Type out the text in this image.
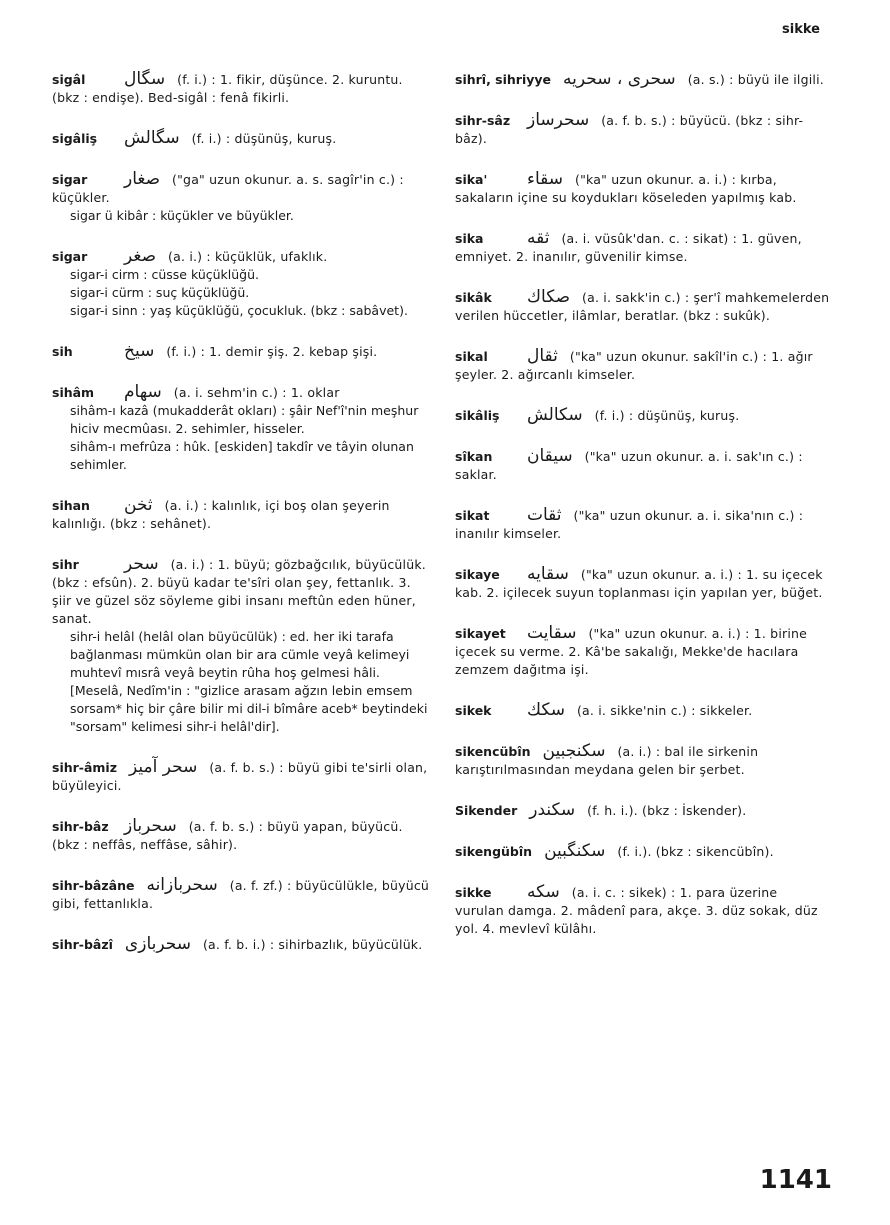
sikke

sigâl سگال (f. i.) : 1. fikir, düşünce. 2. kuruntu. (bkz : endişe). Bed-sigâl : fenâ fikirli.

sigâliş سگالش (f. i.) : düşünüş, kuruş.

sigar صغار ("ga" uzun okunur. a. s. sagîr'in c.) : küçükler.

sigar ü kibâr : küçükler ve büyükler.

sigar صغر (a. i.) : küçüklük, ufaklık.

sigar-i cirm : cüsse küçüklüğü.

sigar-i cürm : suç küçüklüğü.

sigar-i sinn : yaş küçüklüğü, çocukluk. (bkz : sabâvet).

sih	سيخ (f. i.) : 1. demir şiş. 2. kebap şişi.

sihâm سهام (a. i. sehm'in c.) : 1. oklar

sihâm-ı kazâ (mukadderât okları) : şâir Nef'î'nin meşhur hiciv mecmûası. 2. sehimler, hisseler.

sihâm-ı mefrûza : hûk. [eskiden] takdîr ve tâyin olunan sehimler.

sihan ثخن (a. i.) : kalınlık, içi boş olan şeyerin kalınlığı. (bkz : sehânet).

sihr	سحر (a. i.) : 1. büyü; gözbağcılık, büyücülük. (bkz : efsûn). 2. büyü kadar te'sîri olan şey, fettanlık. 3. şiir ve güzel söz söyleme gibi insanı meftûn eden hüner, sanat.

sihr-i helâl (helâl olan büyücülük) : ed. her iki tarafa bağlanması mümkün olan bir ara cümle veyâ kelimeyi muhtevî mısrâ veyâ beytin rûha hoş gelmesi hâli. [Meselâ, Nedîm'in : "gizlice arasam ağzın lebin emsem sorsam* hiç bir çâre bilir mi dil-i bîmâre aceb* beytindeki "sorsam" kelimesi sihr-i helâl'dir].

sihr-âmiz سحر آميز (a. f. b. s.) : büyü gibi te'sirli olan, büyüleyici.

sihr-bâz سحرباز (a. f. b. s.) : büyü yapan, büyücü. (bkz : neffâs, neffâse, sâhir).

sihr-bâzâne سحربازانه (a. f. zf.) : büyücülükle, büyücü gibi, fettanlıkla.

sihr-bâzî سحربازى (a. f. b. i.) : sihirbazlık, büyücülük.

sihrî, sihriyye سحرى ، سحريه (a. s.) : büyü ile ilgili.

sihr-sâz سحرساز (a. f. b. s.) : büyücü. (bkz : sihr-bâz).

sika' سقاء ("ka" uzun okunur. a. i.) : kırba, sakaların içine su koydukları köseleden yapılmış kab.

sika	ثقه (a. i. vüsûk'dan. c. : sikat) : 1. güven, emniyet. 2. inanılır, güvenilir kimse.

sikâk صكاك (a. i. sakk'in c.) : şer'î mahkemelerden verilen hüccetler, ilâmlar, beratlar. (bkz : sukûk).

sikal ثقال ("ka" uzun okunur. sakîl'in c.) : 1. ağır şeyler. 2. ağırcanlı kimseler.

sikâliş سكالش (f. i.) : düşünüş, kuruş.

sîkan سيقان ("ka" uzun okunur. a. i. sak'ın c.) : saklar.

sikat ثقات ("ka" uzun okunur. a. i. sika'nın c.) : inanılır kimseler.

sikaye سقايه ("ka" uzun okunur. a. i.) : 1. su içecek kab. 2. içilecek suyun toplanması için yapılan yer, büğet.

sikayet سقايت ("ka" uzun okunur. a. i.) : 1. birine içecek su verme. 2. Kâ'be sakalığı, Mekke'de hacılara zemzem dağıtma işi.

sikek سكك (a. i. sikke'nin c.) : sikkeler.

sikencübîn سكنجبين (a. i.) : bal ile sirkenin karıştırılmasından meydana gelen bir şerbet.

Sikender سكندر (f. h. i.). (bkz : İskender).

sikengübîn سكنگبين (f. i.). (bkz : sikencübîn).

sikke سكه (a. i. c. : sikek) : 1. para üzerine vurulan damga. 2. mâdenî para, akçe. 3. düz sokak, düz yol. 4. mevlevî külâhı.

1141
